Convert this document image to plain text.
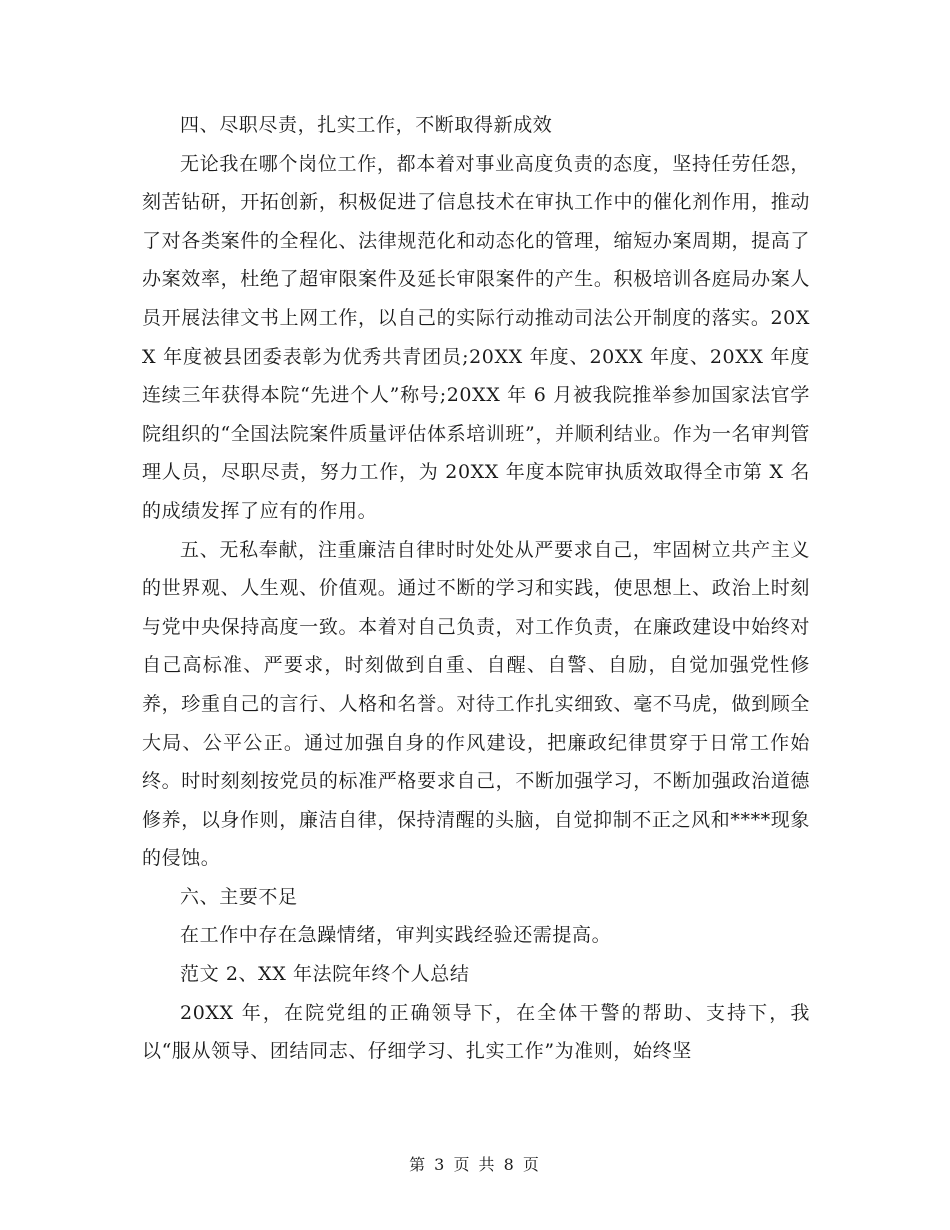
四、尽职尽责，扎实工作，不断取得新成效

无论我在哪个岗位工作，都本着对事业高度负责的态度，坚持任劳任怨，刻苦钻研，开拓创新，积极促进了信息技术在审执工作中的催化剂作用，推动了对各类案件的全程化、法律规范化和动态化的管理，缩短办案周期，提高了办案效率，杜绝了超审限案件及延长审限案件的产生。积极培训各庭局办案人员开展法律文书上网工作，以自己的实际行动推动司法公开制度的落实。20XX 年度被县团委表彰为优秀共青团员;20XX 年度、20XX 年度、20XX 年度连续三年获得本院“先进个人”称号;20XX 年 6 月被我院推举参加国家法官学院组织的“全国法院案件质量评估体系培训班”，并顺利结业。作为一名审判管理人员，尽职尽责，努力工作，为 20XX 年度本院审执质效取得全市第 X 名的成绩发挥了应有的作用。

五、无私奉献，注重廉洁自律时时处处从严要求自己，牢固树立共产主义的世界观、人生观、价值观。通过不断的学习和实践，使思想上、政治上时刻与党中央保持高度一致。本着对自己负责，对工作负责，在廉政建设中始终对自己高标准、严要求，时刻做到自重、自醒、自警、自励，自觉加强党性修养，珍重自己的言行、人格和名誉。对待工作扎实细致、毫不马虎，做到顾全大局、公平公正。通过加强自身的作风建设，把廉政纪律贯穿于日常工作始终。时时刻刻按党员的标准严格要求自己，不断加强学习，不断加强政治道德修养，以身作则，廉洁自律，保持清醒的头脑，自觉抑制不正之风和****现象的侵蚀。

六、主要不足

在工作中存在急躁情绪，审判实践经验还需提高。

范文 2、XX 年法院年终个人总结

20XX 年，在院党组的正确领导下，在全体干警的帮助、支持下，我以“服从领导、团结同志、仔细学习、扎实工作”为准则，始终坚

第 3 页 共 8 页
